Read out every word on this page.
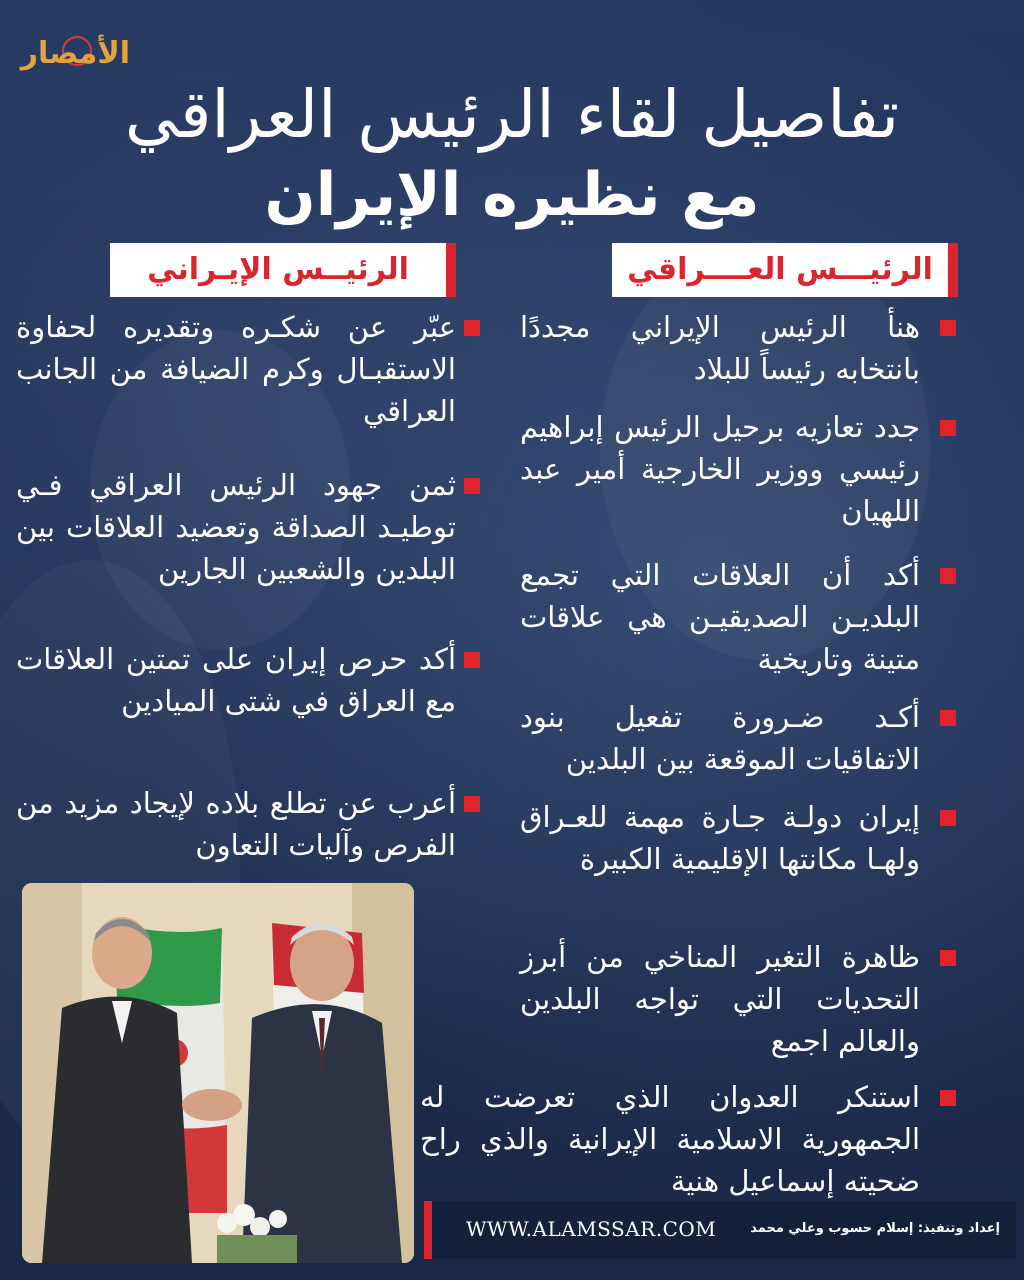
الأمصار
تفاصيل لقاء الرئيس العراقي
مع نظيره الإيران
الرئيـــس العــــراقي
الرئيــس الإيـراني
هنأ الرئيس الإيراني مجددًا بانتخابه رئيساً للبلاد
جدد تعازيه برحيل الرئيس إبراهيم رئيسي ووزير الخارجية أمير عبد اللهيان
أكد أن العلاقات التي تجمع البلديـن الصديقيـن هي علاقات متينة وتاريخية
أكـد ضـرورة تفعيل بنود الاتفاقيات الموقعة بين البلدين
إيران دولـة جـارة مهمة للعـراق ولهـا مكانتها الإقليمية الكبيرة
ظاهرة التغير المناخي من أبرز التحديات التي تواجه البلدين والعالم اجمع
استنكر العدوان الذي تعرضت له الجمهورية الاسلامية الإيرانية والذي راح ضحيته إسماعيل هنية
عبّر عن شكـره وتقديره لحفاوة الاستقبـال وكرم الضيافة من الجانب العراقي
ثمن جهود الرئيس العراقي فـي توطيـد الصداقة وتعضيد العلاقات بين البلدين والشعبين الجارين
أكد حرص إيران على تمتين العلاقات مع العراق في شتى الميادين
أعرب عن تطلع بلاده لإيجاد مزيد من الفرص وآليات التعاون
WWW.ALAMSSAR.COM	إعداد وتنفيذ: إسلام حسوب وعلي محمد
